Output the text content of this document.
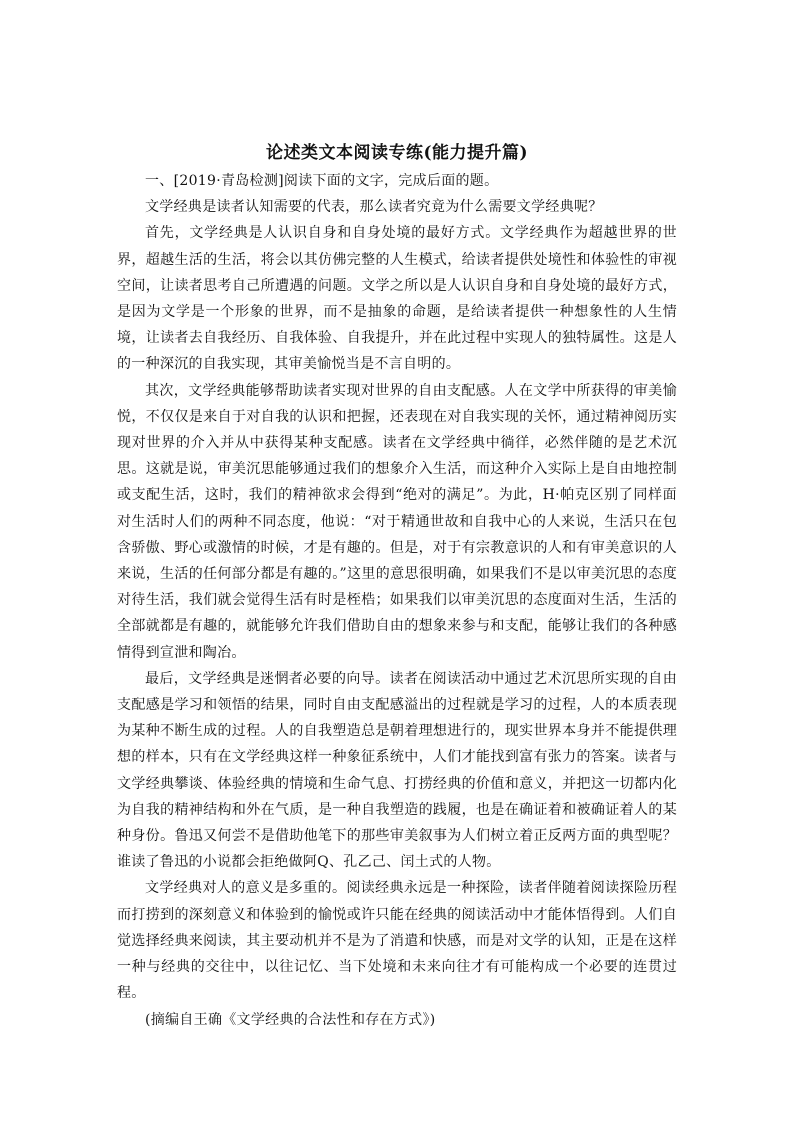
论述类文本阅读专练(能力提升篇)

一、[2019·青岛检测]阅读下面的文字，完成后面的题。

文学经典是读者认知需要的代表，那么读者究竟为什么需要文学经典呢？

首先，文学经典是人认识自身和自身处境的最好方式。文学经典作为超越世界的世界，超越生活的生活，将会以其仿佛完整的人生模式，给读者提供处境性和体验性的审视空间，让读者思考自己所遭遇的问题。文学之所以是人认识自身和自身处境的最好方式，是因为文学是一个形象的世界，而不是抽象的命题，是给读者提供一种想象性的人生情境，让读者去自我经历、自我体验、自我提升，并在此过程中实现人的独特属性。这是人的一种深沉的自我实现，其审美愉悦当是不言自明的。

其次，文学经典能够帮助读者实现对世界的自由支配感。人在文学中所获得的审美愉悦，不仅仅是来自于对自我的认识和把握，还表现在对自我实现的关怀，通过精神阅历实现对世界的介入并从中获得某种支配感。读者在文学经典中徜徉，必然伴随的是艺术沉思。这就是说，审美沉思能够通过我们的想象介入生活，而这种介入实际上是自由地控制或支配生活，这时，我们的精神欲求会得到“绝对的满足”。为此，H·帕克区别了同样面对生活时人们的两种不同态度，他说：“对于精通世故和自我中心的人来说，生活只在包含骄傲、野心或激情的时候，才是有趣的。但是，对于有宗教意识的人和有审美意识的人来说，生活的任何部分都是有趣的。”这里的意思很明确，如果我们不是以审美沉思的态度对待生活，我们就会觉得生活有时是桎梏；如果我们以审美沉思的态度面对生活，生活的全部就都是有趣的，就能够允许我们借助自由的想象来参与和支配，能够让我们的各种感情得到宣泄和陶冶。

最后，文学经典是迷惘者必要的向导。读者在阅读活动中通过艺术沉思所实现的自由支配感是学习和领悟的结果，同时自由支配感溢出的过程就是学习的过程，人的本质表现为某种不断生成的过程。人的自我塑造总是朝着理想进行的，现实世界本身并不能提供理想的样本，只有在文学经典这样一种象征系统中，人们才能找到富有张力的答案。读者与文学经典攀谈、体验经典的情境和生命气息、打捞经典的价值和意义，并把这一切都内化为自我的精神结构和外在气质，是一种自我塑造的践履，也是在确证着和被确证着人的某种身份。鲁迅又何尝不是借助他笔下的那些审美叙事为人们树立着正反两方面的典型呢？谁读了鲁迅的小说都会拒绝做阿Q、孔乙己、闰土式的人物。

文学经典对人的意义是多重的。阅读经典永远是一种探险，读者伴随着阅读探险历程而打捞到的深刻意义和体验到的愉悦或许只能在经典的阅读活动中才能体悟得到。人们自觉选择经典来阅读，其主要动机并不是为了消遣和快感，而是对文学的认知，正是在这样一种与经典的交往中，以往记忆、当下处境和未来向往才有可能构成一个必要的连贯过程。

(摘编自王确《文学经典的合法性和存在方式》)
